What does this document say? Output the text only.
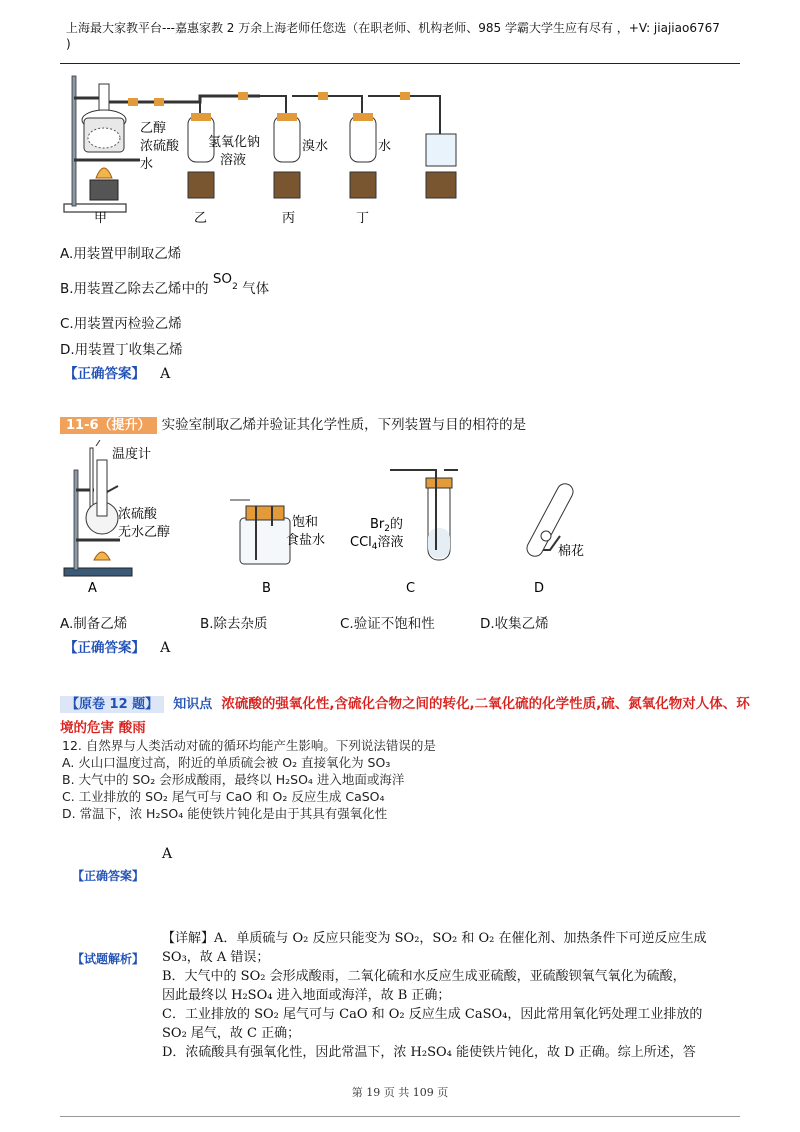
上海最大家教平台---嘉惠家教 2 万余上海老师任您选（在职老师、机构老师、985 学霸大学生应有尽有 ，+V: jiajiao6767
)
乙醇
浓硫酸
水
氢氧化钠
溶液
溴水	水
甲	乙	丙	丁
A.用装置甲制取乙烯
B.用装置乙除去乙烯中的 $SO_2$ 气体
C.用装置丙检验乙烯
D.用装置丁收集乙烯
【正确答案】 A
11-6（提升） 实验室制取乙烯并验证其化学性质，下列装置与目的相符的是
温度计
浓硫酸
无水乙醇
饱和
食盐水
$Br_2$的
CCl$_4$溶液
棉花
A	B	C	D
A.制备乙烯	B.除去杂质	C.验证不饱和性	D.收集乙烯
【正确答案】 A
【原卷 12 题】 知识点 浓硫酸的强氧化性,含硫化合物之间的转化,二氧化硫的化学性质,硫、氮氧化物对人体、环
境的危害 酸雨
12. 自然界与人类活动对硫的循环均能产生影响。下列说法错误的是
A. 火山口温度过高，附近的单质硫会被 O₂ 直接氧化为 SO₃
B. 大气中的 SO₂ 会形成酸雨，最终以 H₂SO₄ 进入地面或海洋
C. 工业排放的 SO₂ 尾气可与 CaO 和 O₂ 反应生成 CaSO₄
D. 常温下，浓 H₂SO₄ 能使铁片钝化是由于其具有强氧化性
A
【正确答案】
【试题解析】
【详解】A．单质硫与 O₂ 反应只能变为 SO₂，SO₂ 和 O₂ 在催化剂、加热条件下可逆反应生成
SO₃，故 A 错误；
B．大气中的 SO₂ 会形成酸雨，二氧化硫和水反应生成亚硫酸，亚硫酸钡氧气氧化为硫酸，
因此最终以 H₂SO₄ 进入地面或海洋，故 B 正确；
C．工业排放的 SO₂ 尾气可与 CaO 和 O₂ 反应生成 CaSO₄，因此常用氧化钙处理工业排放的
SO₂ 尾气，故 C 正确；
D．浓硫酸具有强氧化性，因此常温下，浓 H₂SO₄ 能使铁片钝化，故 D 正确。综上所述，答
第 19 页 共 109 页
